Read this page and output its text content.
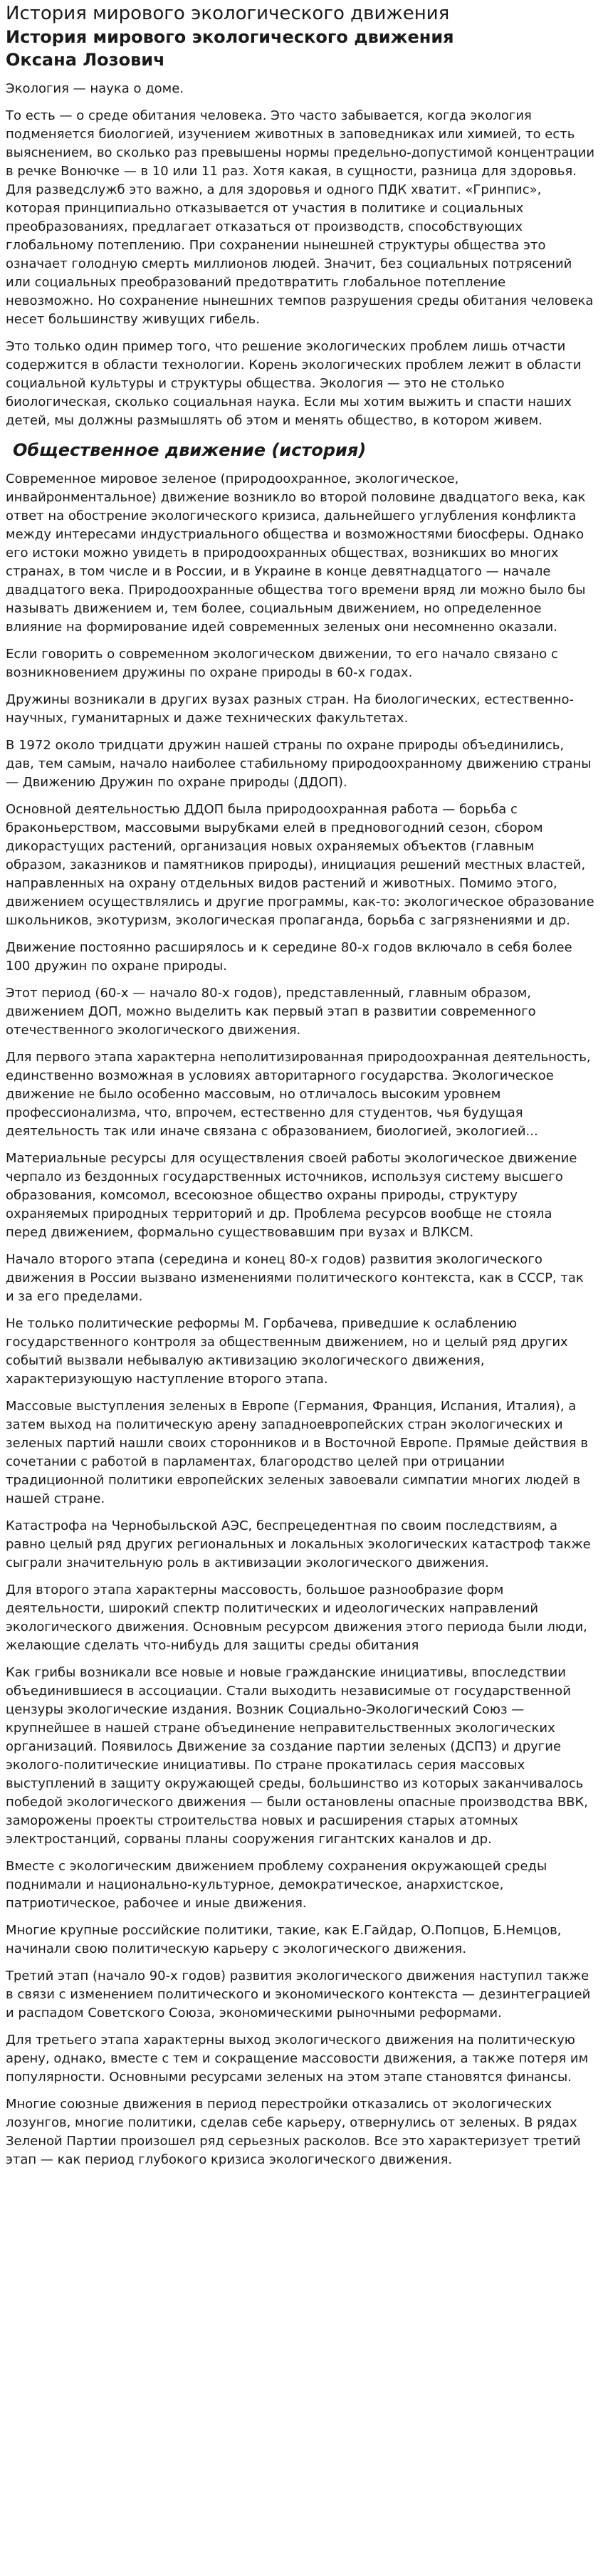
История мирового экологического движения
История мирового экологического движения
Оксана Лозович

Экология — наука о доме.

То есть — о среде обитания человека. Это часто забывается, когда экология подменяется биологией, изучением животных в заповедниках или химией, то есть выяснением, во сколько раз превышены нормы предельно-допустимой концентрации в речке Вонючке — в 10 или 11 раз. Хотя какая, в сущности, разница для здоровья. Для разведслужб это важно, а для здоровья и одного ПДК хватит. «Гринпис», которая принципиально отказывается от участия в политике и социальных преобразованиях, предлагает отказаться от производств, способствующих глобальному потеплению. При сохранении нынешней структуры общества это означает голодную смерть миллионов людей. Значит, без социальных потрясений или социальных преобразований предотвратить глобальное потепление невозможно. Но сохранение нынешних темпов разрушения среды обитания человека несет большинству живущих гибель.

Это только один пример того, что решение экологических проблем лишь отчасти содержится в области технологии. Корень экологических проблем лежит в области социальной культуры и структуры общества. Экология — это не столько биологическая, сколько социальная наука. Если мы хотим выжить и спасти наших детей, мы должны размышлять об этом и менять общество, в котором живем.

Общественное движение (история)

Современное мировое зеленое (природоохранное, экологическое, инвайронментальное) движение возникло во второй половине двадцатого века, как ответ на обострение экологического кризиса, дальнейшего углубления конфликта между интересами индустриального общества и возможностями биосферы. Однако его истоки можно увидеть в природоохранных обществах, возникших во многих странах, в том числе и в России, и в Украине в конце девятнадцатого — начале двадцатого века. Природоохранные общества того времени вряд ли можно было бы называть движением и, тем более, социальным движением, но определенное влияние на формирование идей современных зеленых они несомненно оказали.

Если говорить о современном экологическом движении, то его начало связано с возникновением дружины по охране природы в 60-х годах.

Дружины возникали в других вузах разных стран. На биологических, естественно-научных, гуманитарных и даже технических факультетах.

В 1972 около тридцати дружин нашей страны по охране природы объединились, дав, тем самым, начало наиболее стабильному природоохранному движению страны — Движению Дружин по охране природы (ДДОП).

Основной деятельностью ДДОП была природоохранная работа — борьба с браконьерством, массовыми вырубками елей в предновогодний сезон, сбором дикорастущих растений, организация новых охраняемых объектов (главным образом, заказников и памятников природы), инициация решений местных властей, направленных на охрану отдельных видов растений и животных. Помимо этого, движением осуществлялись и другие программы, как-то: экологическое образование школьников, экотуризм, экологическая пропаганда, борьба с загрязнениями и др.

Движение постоянно расширялось и к середине 80-х годов включало в себя более 100 дружин по охране природы.

Этот период (60-х — начало 80-х годов), представленный, главным образом, движением ДОП, можно выделить как первый этап в развитии современного отечественного экологического движения.

Для первого этапа характерна неполитизированная природоохранная деятельность, единственно возможная в условиях авторитарного государства. Экологическое движение не было особенно массовым, но отличалось высоким уровнем профессионализма, что, впрочем, естественно для студентов, чья будущая деятельность так или иначе связана с образованием, биологией, экологией...

Материальные ресурсы для осуществления своей работы экологическое движение черпало из бездонных государственных источников, используя систему высшего образования, комсомол, всесоюзное общество охраны природы, структуру охраняемых природных территорий и др. Проблема ресурсов вообще не стояла перед движением, формально существовавшим при вузах и ВЛКСМ.

Начало второго этапа (середина и конец 80-х годов) развития экологического движения в России вызвано изменениями политического контекста, как в СССР, так и за его пределами.

Не только политические реформы М. Горбачева, приведшие к ослаблению государственного контроля за общественным движением, но и целый ряд других событий вызвали небывалую активизацию экологического движения, характеризующую наступление второго этапа.

Массовые выступления зеленых в Европе (Германия, Франция, Испания, Италия), а затем выход на политическую арену западноевропейских стран экологических и зеленых партий нашли своих сторонников и в Восточной Европе. Прямые действия в сочетании с работой в парламентах, благородство целей при отрицании традиционной политики европейских зеленых завоевали симпатии многих людей в нашей стране.

Катастрофа на Чернобыльской АЭС, беспрецедентная по своим последствиям, а равно целый ряд других региональных и локальных экологических катастроф также сыграли значительную роль в активизации экологического движения.

Для второго этапа характерны массовость, большое разнообразие форм деятельности, широкий спектр политических и идеологических направлений экологического движения. Основным ресурсом движения этого периода были люди, желающие сделать что-нибудь для защиты среды обитания

Как грибы возникали все новые и новые гражданские инициативы, впоследствии объединившиеся в ассоциации. Стали выходить независимые от государственной цензуры экологические издания. Возник Социально-Экологический Союз — крупнейшее в нашей стране объединение неправительственных экологических организаций. Появилось Движение за создание партии зеленых (ДСПЗ) и другие эколого-политические инициативы. По стране прокатилась серия массовых выступлений в защиту окружающей среды, большинство из которых заканчивалось победой экологического движения — были остановлены опасные производства ВВК, заморожены проекты строительства новых и расширения старых атомных электростанций, сорваны планы сооружения гигантских каналов и др.

Вместе с экологическим движением проблему сохранения окружающей среды поднимали и национально-культурное, демократическое, анархистское, патриотическое, рабочее и иные движения.

Многие крупные российские политики, такие, как Е.Гайдар, О.Попцов, Б.Немцов, начинали свою политическую карьеру с экологического движения.

Третий этап (начало 90-х годов) развития экологического движения наступил также в связи с изменением политического и экономического контекста — дезинтеграцией и распадом Советского Союза, экономическими рыночными реформами.

Для третьего этапа характерны выход экологического движения на политическую арену, однако, вместе с тем и сокращение массовости движения, а также потеря им популярности. Основными ресурсами зеленых на этом этапе становятся финансы.

Многие союзные движения в период перестройки отказались от экологических лозунгов, многие политики, сделав себе карьеру, отвернулись от зеленых. В рядах Зеленой Партии произошел ряд серьезных расколов. Все это характеризует третий этап — как период глубокого кризиса экологического движения.
